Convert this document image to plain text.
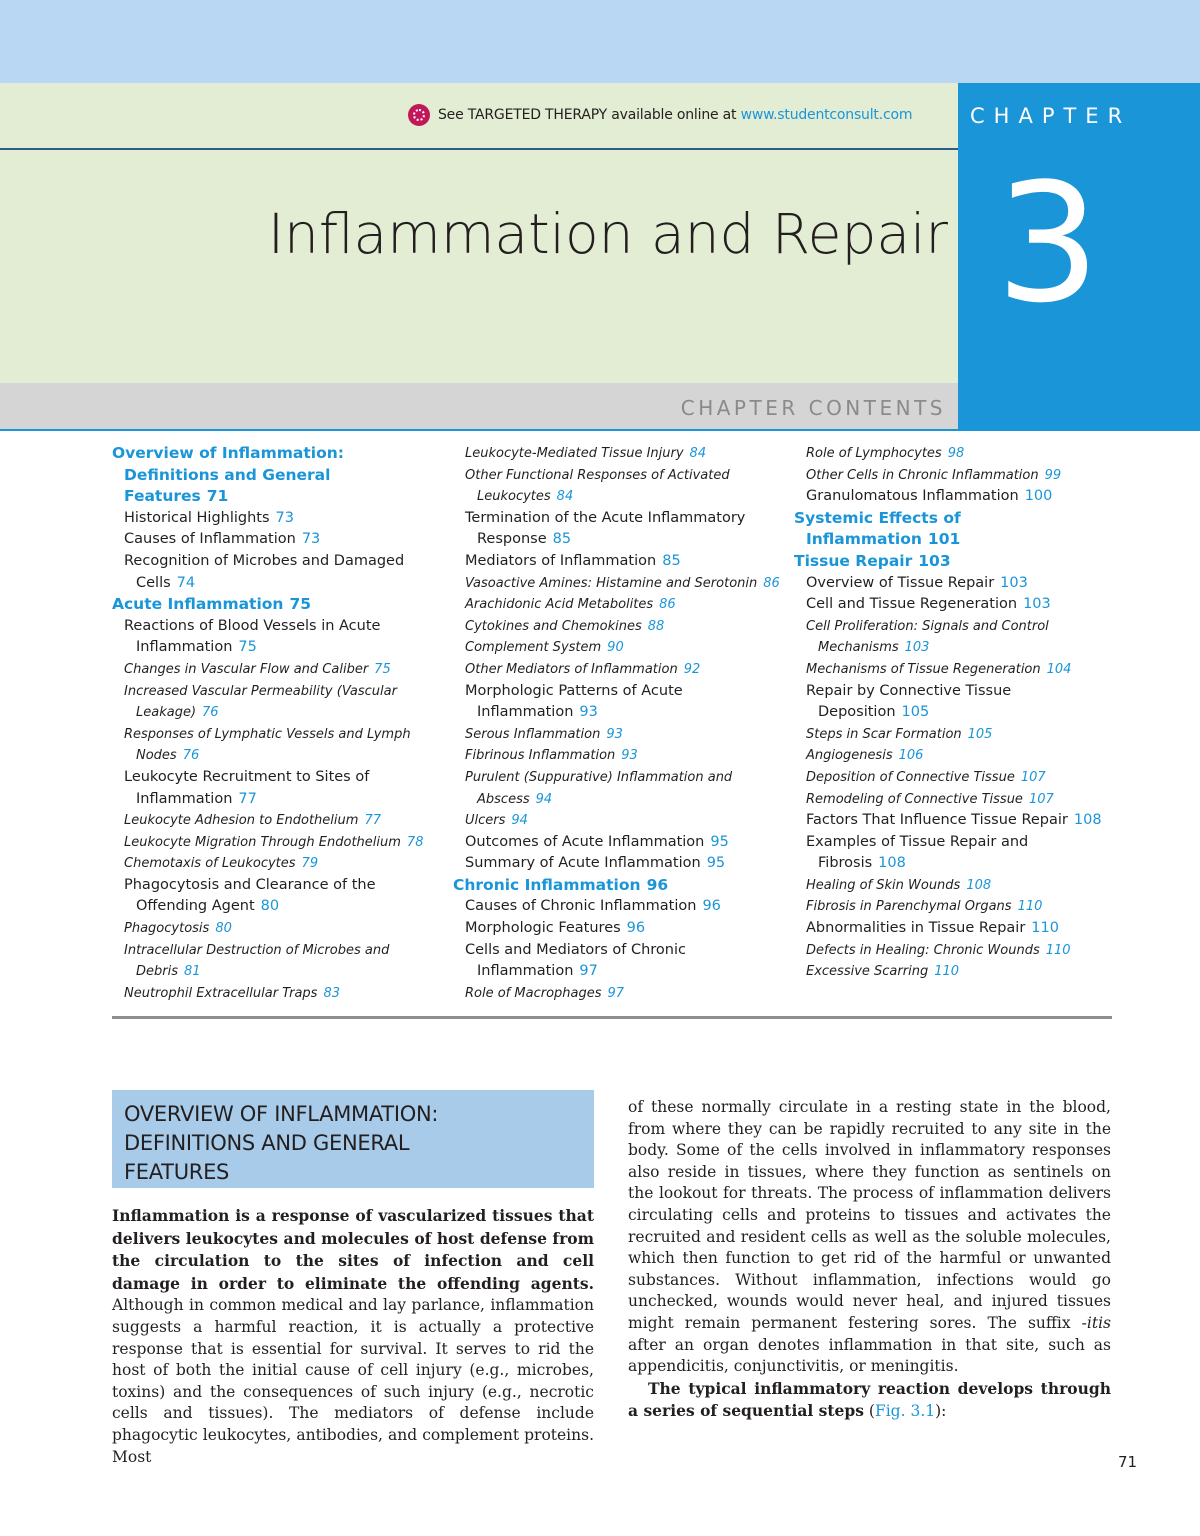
See TARGETED THERAPY available online at
www.studentconsult.com	CHAPTER
3
Inflammation and Repair
CHAPTER CONTENTS
Overview of Inflammation:
Definitions and General
Features 71
Historical Highlights 73
Causes of Inflammation 73
Recognition of Microbes and Damaged
Cells 74
Acute Inflammation 75
Reactions of Blood Vessels in Acute
Inflammation 75
Changes in Vascular Flow and Caliber 75
Increased Vascular Permeability (Vascular
Leakage) 76
Responses of Lymphatic Vessels and Lymph
Nodes 76
Leukocyte Recruitment to Sites of
Inflammation 77
Leukocyte Adhesion to Endothelium 77
Leukocyte Migration Through Endothelium 78
Chemotaxis of Leukocytes 79
Phagocytosis and Clearance of the
Offending Agent 80
Phagocytosis 80
Intracellular Destruction of Microbes and
Debris 81
Neutrophil Extracellular Traps 83
Leukocyte-Mediated Tissue Injury 84
Other Functional Responses of Activated
Leukocytes 84
Termination of the Acute Inflammatory
Response 85
Mediators of Inflammation 85
Vasoactive Amines: Histamine and Serotonin 86
Arachidonic Acid Metabolites 86
Cytokines and Chemokines 88
Complement System 90
Other Mediators of Inflammation 92
Morphologic Patterns of Acute
Inflammation 93
Serous Inflammation 93
Fibrinous Inflammation 93
Purulent (Suppurative) Inflammation and
Abscess 94
Ulcers 94
Outcomes of Acute Inflammation 95
Summary of Acute Inflammation 95
Chronic Inflammation 96
Causes of Chronic Inflammation 96
Morphologic Features 96
Cells and Mediators of Chronic
Inflammation 97
Role of Macrophages 97
Role of Lymphocytes 98
Other Cells in Chronic Inflammation 99
Granulomatous Inflammation 100
Systemic Effects of
Inflammation 101
Tissue Repair 103
Overview of Tissue Repair 103
Cell and Tissue Regeneration 103
Cell Proliferation: Signals and Control
Mechanisms 103
Mechanisms of Tissue Regeneration 104
Repair by Connective Tissue
Deposition 105
Steps in Scar Formation 105
Angiogenesis 106
Deposition of Connective Tissue 107
Remodeling of Connective Tissue 107
Factors That Influence Tissue Repair 108
Examples of Tissue Repair and
Fibrosis 108
Healing of Skin Wounds 108
Fibrosis in Parenchymal Organs 110
Abnormalities in Tissue Repair 110
Defects in Healing: Chronic Wounds 110
Excessive Scarring 110
OVERVIEW OF INFLAMMATION:
DEFINITIONS AND GENERAL
FEATURES

Inflammation is a response of vascularized tissues that delivers leukocytes and molecules of host defense from the circulation to the sites of infection and cell damage in order to eliminate the offending agents. Although in common medical and lay parlance, inflammation suggests a harmful reaction, it is actually a protective response that is essential for survival. It serves to rid the host of both the initial cause of cell injury (e.g., microbes, toxins) and the consequences of such injury (e.g., necrotic cells and tissues). The mediators of defense include phagocytic leukocytes, antibodies, and complement proteins. Most

of these normally circulate in a resting state in the blood, from where they can be rapidly recruited to any site in the body. Some of the cells involved in inflammatory responses also reside in tissues, where they function as sentinels on the lookout for threats. The process of inflammation delivers circulating cells and proteins to tissues and activates the recruited and resident cells as well as the soluble molecules, which then function to get rid of the harmful or unwanted substances. Without inflammation, infections would go unchecked, wounds would never heal, and injured tissues might remain permanent festering sores. The suffix -itis after an organ denotes inflammation in that site, such as appendicitis, conjunctivitis, or meningitis.

The typical inflammatory reaction develops through a series of sequential steps (Fig. 3.1):

71
